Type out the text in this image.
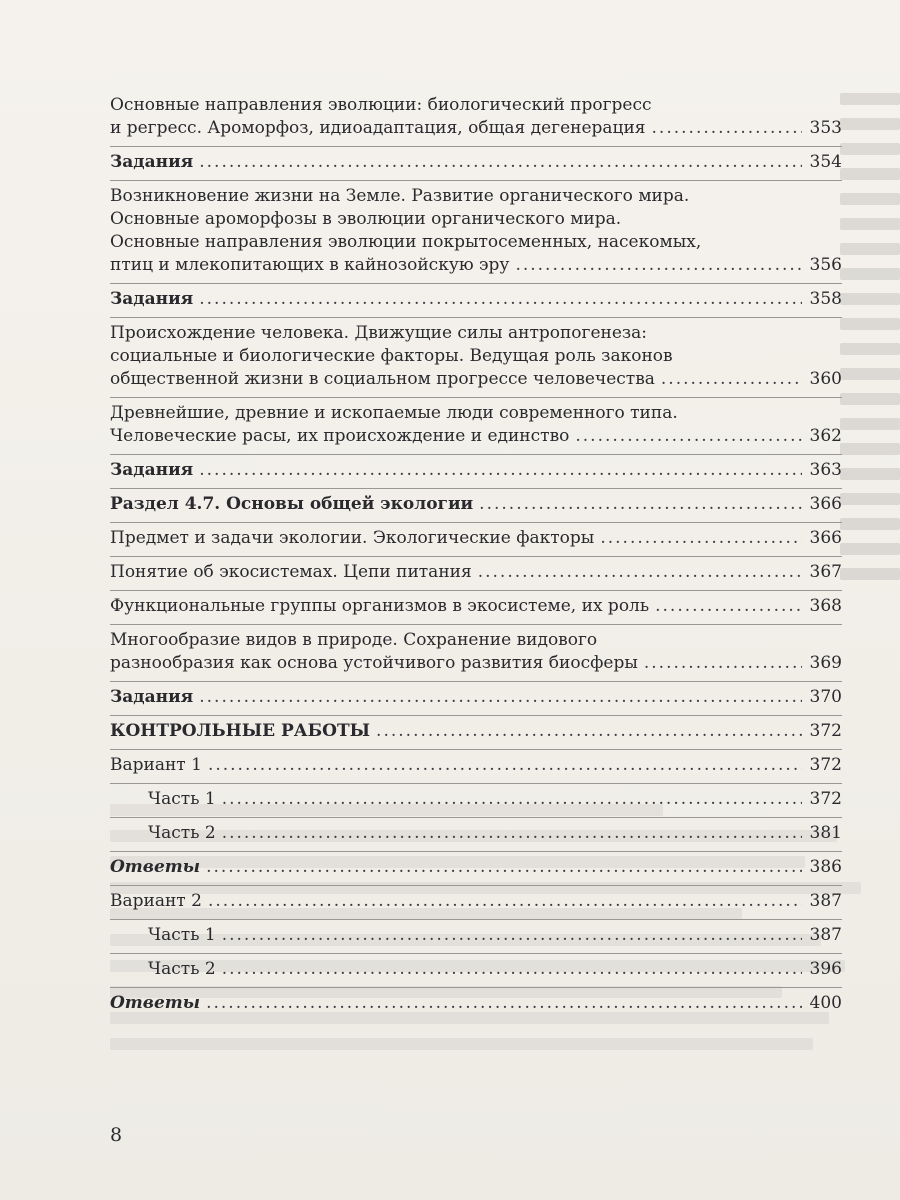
Основные направления эволюции: биологический прогресс
и регресс. Ароморфоз, идиоадаптация, общая дегенерация .....	353
Задания .....	354
Возникновение жизни на Земле. Развитие органического мира.
Основные ароморфозы в эволюции органического мира.
Основные направления эволюции покрытосеменных, насекомых,
птиц и млекопитающих в кайнозойскую эру .....	356
Задания .....	358
Происхождение человека. Движущие силы антропогенеза:
социальные и биологические факторы. Ведущая роль законов
общественной жизни в социальном прогрессе человечества .....	360
Древнейшие, древние и ископаемые люди современного типа.
Человеческие расы, их происхождение и единство .....	362
Задания .....	363
Раздел 4.7. Основы общей экологии .....	366
Предмет и задачи экологии. Экологические факторы .....	366
Понятие об экосистемах. Цепи питания .....	367
Функциональные группы организмов в экосистеме, их роль .....	368
Многообразие видов в природе. Сохранение видового
разнообразия как основа устойчивого развития биосферы .....	369
Задания .....	370
КОНТРОЛЬНЫЕ РАБОТЫ .....	372
Вариант 1 .....	372
Часть 1 .....	372
Часть 2 .....	381
Ответы .....	386
Вариант 2 .....	387
Часть 1 .....	387
Часть 2 .....	396
Ответы .....	400
8
